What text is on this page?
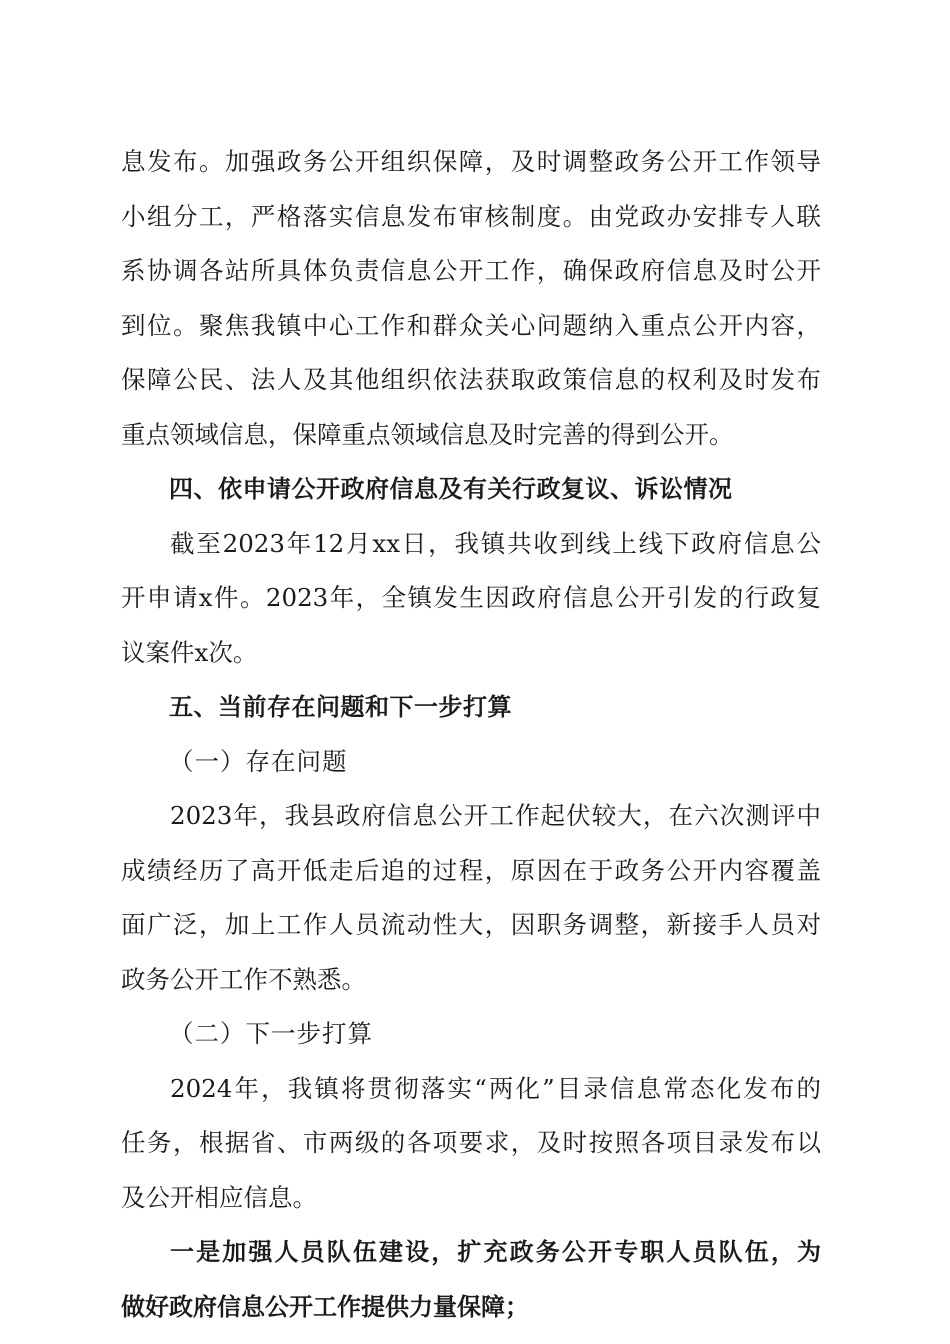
息发布。加强政务公开组织保障，及时调整政务公开工作领导
小组分工，严格落实信息发布审核制度。由党政办安排专人联
系协调各站所具体负责信息公开工作，确保政府信息及时公开
到位。聚焦我镇中心工作和群众关心问题纳入重点公开内容，
保障公民、法人及其他组织依法获取政策信息的权利及时发布
重点领域信息，保障重点领域信息及时完善的得到公开。
四、依申请公开政府信息及有关行政复议、诉讼情况
截至2023年12月xx日，我镇共收到线上线下政府信息公
开申请x件。2023年，全镇发生因政府信息公开引发的行政复
议案件x次。
五、当前存在问题和下一步打算
（一）存在问题
2023年，我县政府信息公开工作起伏较大，在六次测评中
成绩经历了高开低走后追的过程，原因在于政务公开内容覆盖
面广泛，加上工作人员流动性大，因职务调整，新接手人员对
政务公开工作不熟悉。
（二）下一步打算
2024年，我镇将贯彻落实“两化”目录信息常态化发布的
任务，根据省、市两级的各项要求，及时按照各项目录发布以
及公开相应信息。
一是加强人员队伍建设，扩充政务公开专职人员队伍，为
做好政府信息公开工作提供力量保障；
